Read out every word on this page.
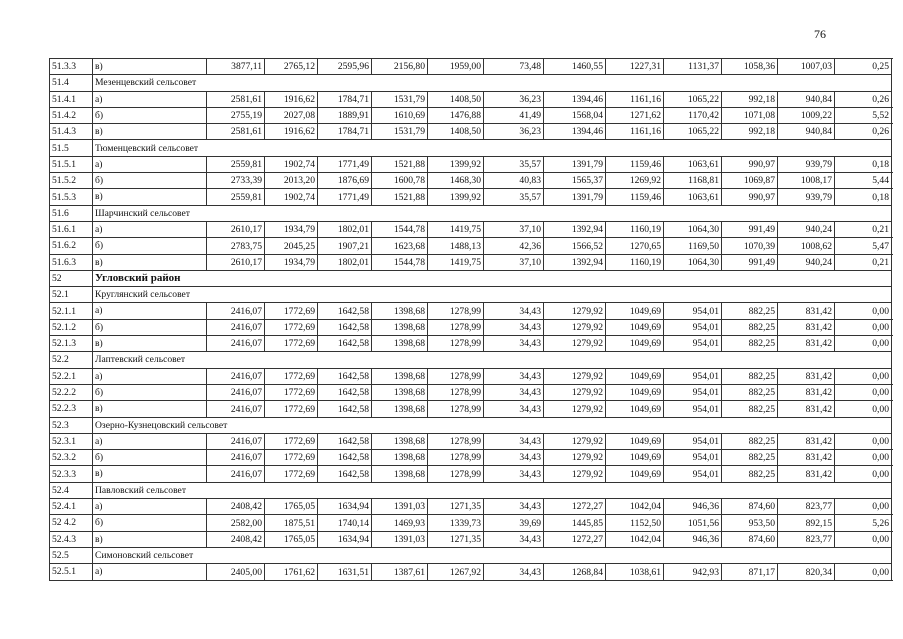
76
51.3.3	в)	3877,11	2765,12	2595,96	2156,80	1959,00	73,48	1460,55	1227,31	1131,37	1058,36	1007,03	0,25
51.4	Мезенцевский сельсовет												
51.4.1	а)	2581,61	1916,62	1784,71	1531,79	1408,50	36,23	1394,46	1161,16	1065,22	992,18	940,84	0,26
51.4.2	б)	2755,19	2027,08	1889,91	1610,69	1476,88	41,49	1568,04	1271,62	1170,42	1071,08	1009,22	5,52
51.4.3	в)	2581,61	1916,62	1784,71	1531,79	1408,50	36,23	1394,46	1161,16	1065,22	992,18	940,84	0,26
51.5	Тюменцевский сельсовет												
51.5.1	а)	2559,81	1902,74	1771,49	1521,88	1399,92	35,57	1391,79	1159,46	1063,61	990,97	939,79	0,18
51.5.2	б)	2733,39	2013,20	1876,69	1600,78	1468,30	40,83	1565,37	1269,92	1168,81	1069,87	1008,17	5,44
51.5.3	в)	2559,81	1902,74	1771,49	1521,88	1399,92	35,57	1391,79	1159,46	1063,61	990,97	939,79	0,18
51.6	Шарчинский сельсовет												
51.6.1	а)	2610,17	1934,79	1802,01	1544,78	1419,75	37,10	1392,94	1160,19	1064,30	991,49	940,24	0,21
51.6.2	б)	2783,75	2045,25	1907,21	1623,68	1488,13	42,36	1566,52	1270,65	1169,50	1070,39	1008,62	5,47
51.6.3	в)	2610,17	1934,79	1802,01	1544,78	1419,75	37,10	1392,94	1160,19	1064,30	991,49	940,24	0,21
52	Угловский район												
52.1	Круглянский сельсовет												
52.1.1	а)	2416,07	1772,69	1642,58	1398,68	1278,99	34,43	1279,92	1049,69	954,01	882,25	831,42	0,00
52.1.2	б)	2416,07	1772,69	1642,58	1398,68	1278,99	34,43	1279,92	1049,69	954,01	882,25	831,42	0,00
52.1.3	в)	2416,07	1772,69	1642,58	1398,68	1278,99	34,43	1279,92	1049,69	954,01	882,25	831,42	0,00
52.2	Лаптевский сельсовет												
52.2.1	а)	2416,07	1772,69	1642,58	1398,68	1278,99	34,43	1279,92	1049,69	954,01	882,25	831,42	0,00
52.2.2	б)	2416,07	1772,69	1642,58	1398,68	1278,99	34,43	1279,92	1049,69	954,01	882,25	831,42	0,00
52.2.3	в)	2416,07	1772,69	1642,58	1398,68	1278,99	34,43	1279,92	1049,69	954,01	882,25	831,42	0,00
52.3	Озерно-Кузнецовский сельсовет												
52.3.1	а)	2416,07	1772,69	1642,58	1398,68	1278,99	34,43	1279,92	1049,69	954,01	882,25	831,42	0,00
52.3.2	б)	2416,07	1772,69	1642,58	1398,68	1278,99	34,43	1279,92	1049,69	954,01	882,25	831,42	0,00
52.3.3	в)	2416,07	1772,69	1642,58	1398,68	1278,99	34,43	1279,92	1049,69	954,01	882,25	831,42	0,00
52.4	Павловский сельсовет												
52.4.1	а)	2408,42	1765,05	1634,94	1391,03	1271,35	34,43	1272,27	1042,04	946,36	874,60	823,77	0,00
52 4.2	б)	2582,00	1875,51	1740,14	1469,93	1339,73	39,69	1445,85	1152,50	1051,56	953,50	892,15	5,26
52.4.3	в)	2408,42	1765,05	1634,94	1391,03	1271,35	34,43	1272,27	1042,04	946,36	874,60	823,77	0,00
52.5	Симоновский сельсовет												
52.5.1	а)	2405,00	1761,62	1631,51	1387,61	1267,92	34,43	1268,84	1038,61	942,93	871,17	820,34	0,00
